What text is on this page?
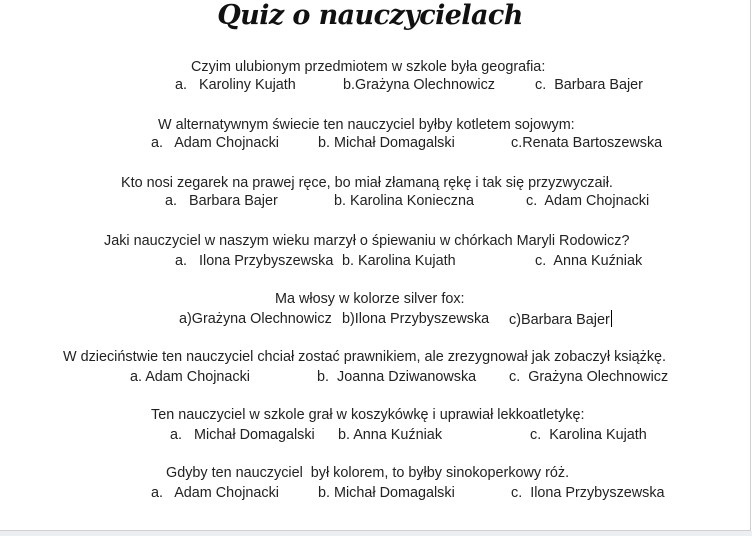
Quiz o nauczycielach
Czyim ulubionym przedmiotem w szkole była geografia:
a.   Karoliny Kujath	b.Grażyna Olechnowicz	c.  Barbara Bajer
W alternatywnym świecie ten nauczyciel byłby kotletem sojowym:
a.   Adam Chojnacki	b. Michał Domagalski	c.Renata Bartoszewska
Kto nosi zegarek na prawej ręce, bo miał złamaną rękę i tak się przyzwyczaił.
a.   Barbara Bajer	b. Karolina Konieczna	c.  Adam Chojnacki
Jaki nauczyciel w naszym wieku marzył o śpiewaniu w chórkach Maryli Rodowicz?
a.   Ilona Przybyszewska b. Karolina Kujath	c.  Anna Kuźniak
Ma włosy w kolorze silver fox:
a)Grażyna Olechnowicz b)Ilona Przybyszewska c)Barbara Bajer
W dzieciństwie ten nauczyciel chciał zostać prawnikiem, ale zrezygnował jak zobaczył książkę.
a. Adam Chojnacki	b.  Joanna Dziwanowska c.  Grażyna Olechnowicz
Ten nauczyciel w szkole grał w koszykówkę i uprawiał lekkoatletykę:
a.   Michał Domagalski b. Anna Kuźniak	c.  Karolina Kujath
Gdyby ten nauczyciel  był kolorem, to byłby sinokoperkowy róż.
a.   Adam Chojnacki	b. Michał Domagalski	c.  Ilona Przybyszewska
